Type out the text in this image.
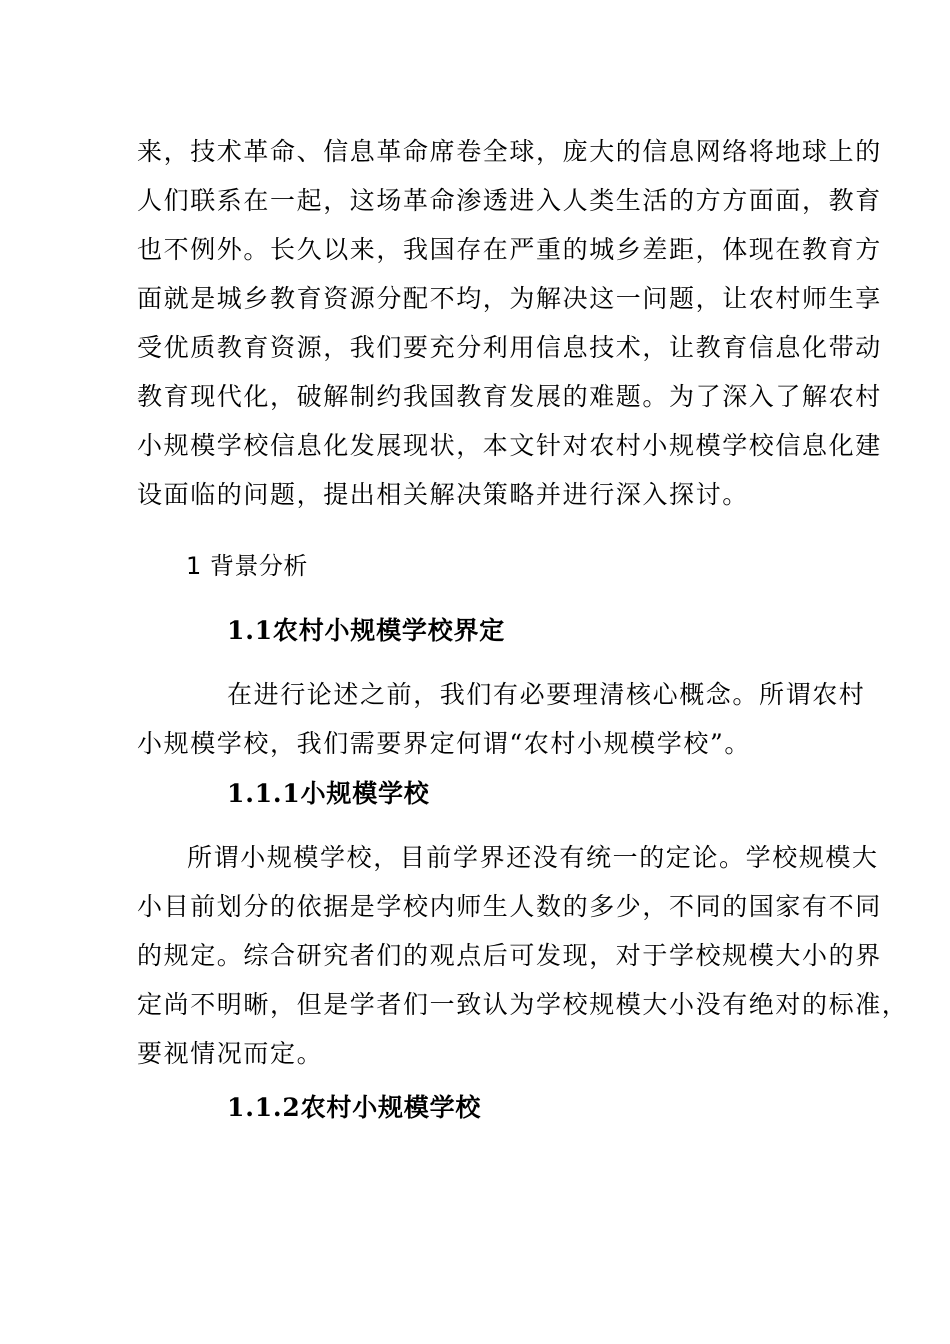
来，技术革命、信息革命席卷全球，庞大的信息网络将地球上的
人们联系在一起，这场革命渗透进入人类生活的方方面面，教育
也不例外。长久以来，我国存在严重的城乡差距，体现在教育方
面就是城乡教育资源分配不均，为解决这一问题，让农村师生享
受优质教育资源，我们要充分利用信息技术，让教育信息化带动
教育现代化，破解制约我国教育发展的难题。为了深入了解农村
小规模学校信息化发展现状，本文针对农村小规模学校信息化建
设面临的问题，提出相关解决策略并进行深入探讨。
1 背景分析
1.1农村小规模学校界定
在进行论述之前，我们有必要理清核心概念。所谓农村
小规模学校，我们需要界定何谓“农村小规模学校”。
1.1.1小规模学校
所谓小规模学校，目前学界还没有统一的定论。学校规模大
小目前划分的依据是学校内师生人数的多少，不同的国家有不同
的规定。综合研究者们的观点后可发现，对于学校规模大小的界
定尚不明晰，但是学者们一致认为学校规模大小没有绝对的标准，
要视情况而定。
1.1.2农村小规模学校
